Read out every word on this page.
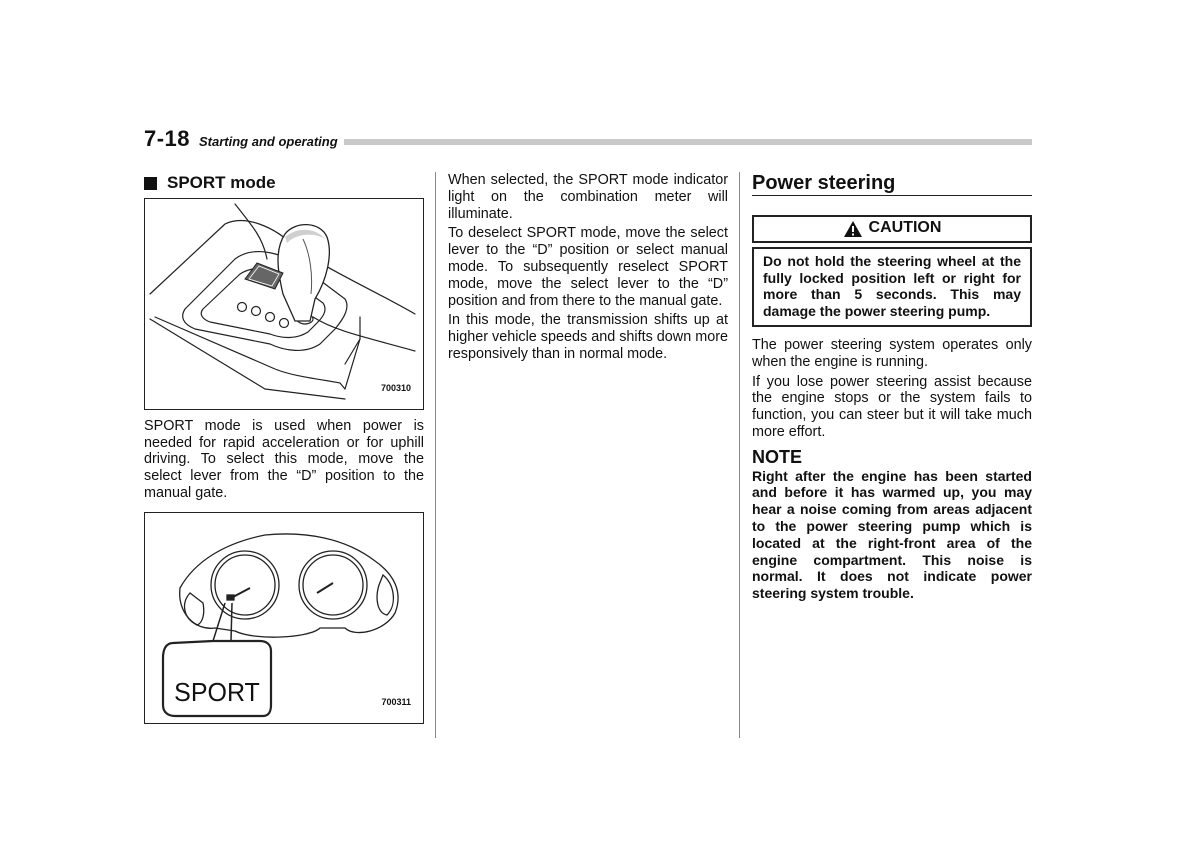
7-18 Starting and operating
SPORT mode
700310
SPORT mode is used when power is needed for rapid acceleration or for uphill driving. To select this mode, move the select lever from the “D” position to the manual gate.
SPORT	700311
When selected, the SPORT mode indicator light on the combination meter will illuminate.
To deselect SPORT mode, move the select lever to the “D” position or select manual mode. To subsequently reselect SPORT mode, move the select lever to the “D” position and from there to the manual gate.
In this mode, the transmission shifts up at higher vehicle speeds and shifts down more responsively than in normal mode.
Power steering
CAUTION
Do not hold the steering wheel at the fully locked position left or right for more than 5 seconds. This may damage the power steering pump.
The power steering system operates only when the engine is running.
If you lose power steering assist because the engine stops or the system fails to function, you can steer but it will take much more effort.
NOTE
Right after the engine has been started and before it has warmed up, you may hear a noise coming from areas adjacent to the power steering pump which is located at the right-front area of the engine compartment. This noise is normal. It does not indicate power steering system trouble.
